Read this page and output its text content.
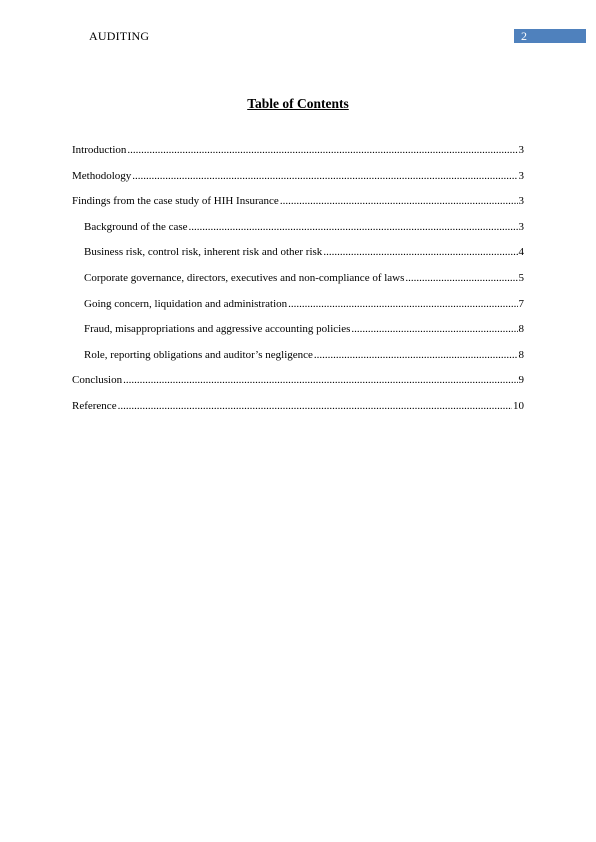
AUDITING	2
Table of Contents
Introduction .....	3
Methodology .....	3
Findings from the case study of HIH Insurance .....	3
Background of the case .....	3
Business risk, control risk, inherent risk and other risk .....	4
Corporate governance, directors, executives and non-compliance of laws .....	5
Going concern, liquidation and administration .....	7
Fraud, misappropriations and aggressive accounting policies .....	8
Role, reporting obligations and auditor’s negligence .....	8
Conclusion .....	9
Reference .....	10
